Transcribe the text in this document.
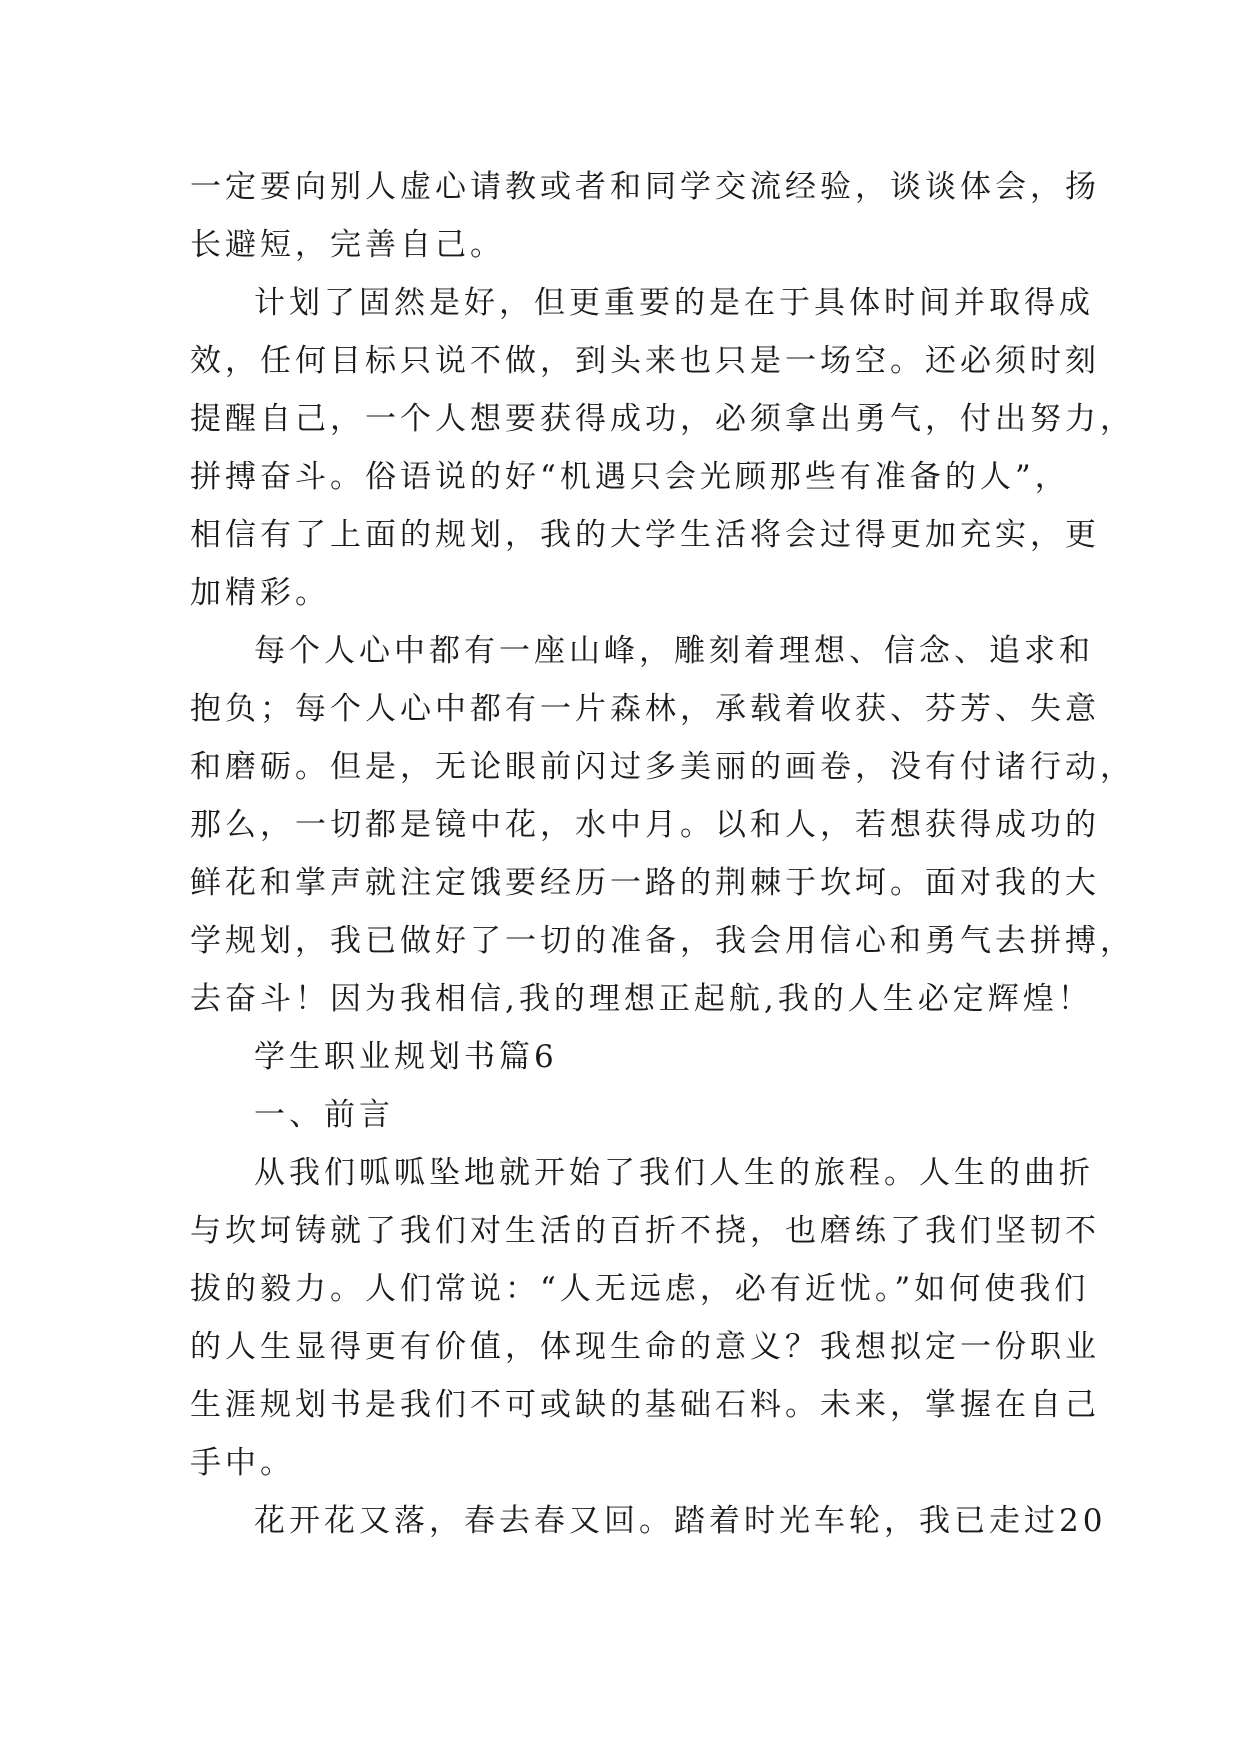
一定要向别人虚心请教或者和同学交流经验，谈谈体会，扬
长避短，完善自己。
计划了固然是好，但更重要的是在于具体时间并取得成
效，任何目标只说不做，到头来也只是一场空。还必须时刻
提醒自己，一个人想要获得成功，必须拿出勇气，付出努力，
拼搏奋斗。俗语说的好“机遇只会光顾那些有准备的人”，
相信有了上面的规划，我的大学生活将会过得更加充实，更
加精彩。
每个人心中都有一座山峰，雕刻着理想、信念、追求和
抱负；每个人心中都有一片森林，承载着收获、芬芳、失意
和磨砺。但是，无论眼前闪过多美丽的画卷，没有付诸行动，
那么，一切都是镜中花，水中月。以和人，若想获得成功的
鲜花和掌声就注定饿要经历一路的荆棘于坎坷。面对我的大
学规划，我已做好了一切的准备，我会用信心和勇气去拼搏，
去奋斗！因为我相信,我的理想正起航,我的人生必定辉煌！
学生职业规划书篇6
一、前言
从我们呱呱坠地就开始了我们人生的旅程。人生的曲折
与坎坷铸就了我们对生活的百折不挠，也磨练了我们坚韧不
拔的毅力。人们常说：“人无远虑，必有近忧。”如何使我们
的人生显得更有价值，体现生命的意义？我想拟定一份职业
生涯规划书是我们不可或缺的基础石料。未来，掌握在自己
手中。
花开花又落，春去春又回。踏着时光车轮，我已走过20
